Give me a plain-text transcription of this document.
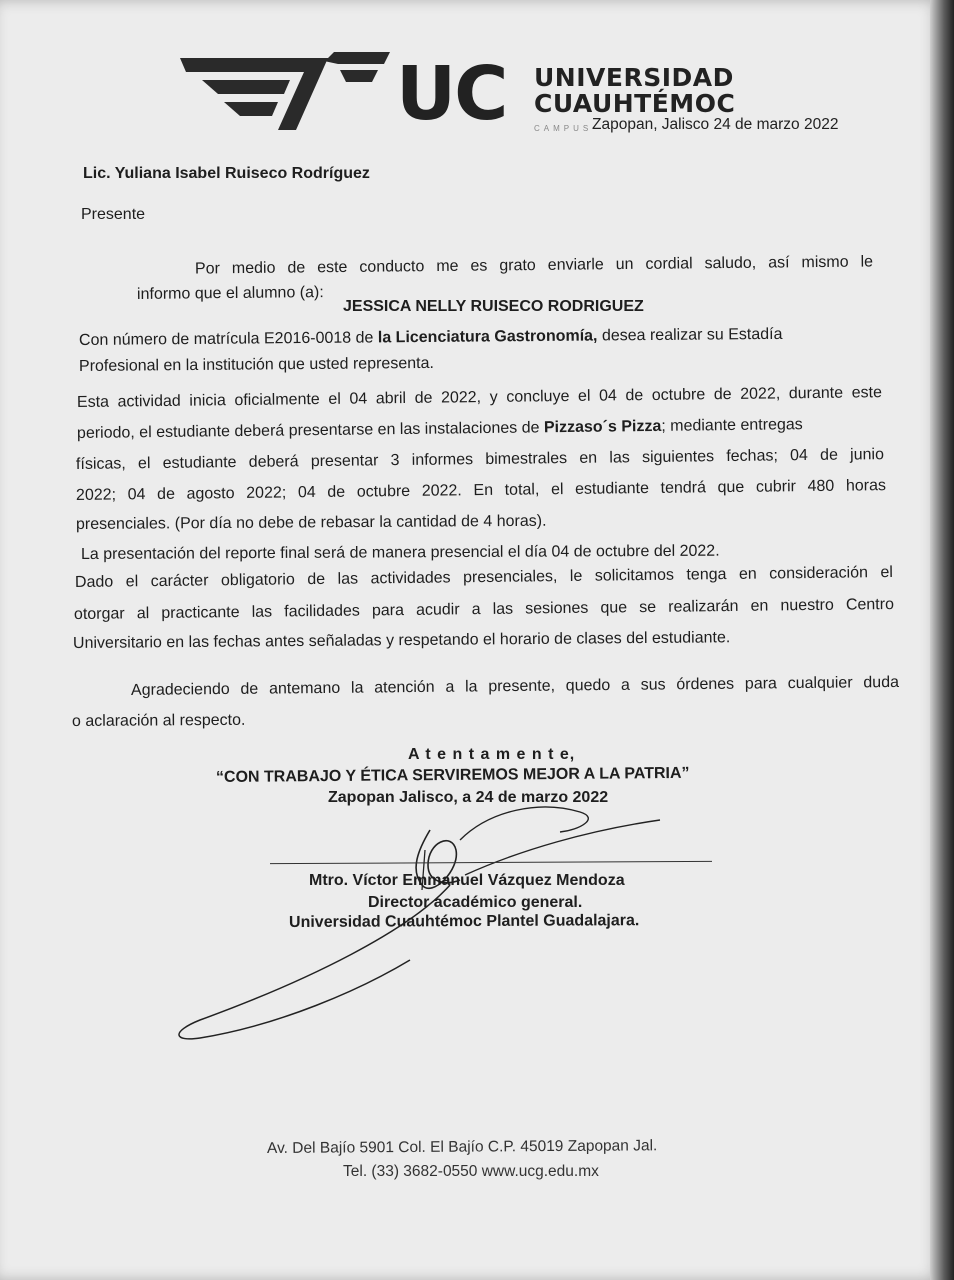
UC UNIVERSIDAD
CUAUHTÉMOC
CAMPUS Zapopan, Jalisco 24 de marzo 2022
Lic. Yuliana Isabel Ruiseco Rodríguez
Presente
Por medio de este conducto me es grato enviarle un cordial saludo, así mismo le
informo que el alumno (a):
JESSICA NELLY RUISECO RODRIGUEZ
Con número de matrícula E2016-0018 de la Licenciatura Gastronomía, desea realizar su Estadía
Profesional en la institución que usted representa.
Esta actividad inicia oficialmente el 04 abril de 2022, y concluye el 04 de octubre de 2022, durante este
periodo, el estudiante deberá presentarse en las instalaciones de Pizzaso´s Pizza; mediante entregas
físicas, el estudiante deberá presentar 3 informes bimestrales en las siguientes fechas; 04 de junio
2022; 04 de agosto 2022; 04 de octubre 2022. En total, el estudiante tendrá que cubrir 480 horas
presenciales. (Por día no debe de rebasar la cantidad de 4 horas).
La presentación del reporte final será de manera presencial el día 04 de octubre del 2022.
Dado el carácter obligatorio de las actividades presenciales, le solicitamos tenga en consideración el
otorgar al practicante las facilidades para acudir a las sesiones que se realizarán en nuestro Centro
Universitario en las fechas antes señaladas y respetando el horario de clases del estudiante.
Agradeciendo de antemano la atención a la presente, quedo a sus órdenes para cualquier duda
o aclaración al respecto.
A t e n t a m e n t e,
“CON TRABAJO Y ÉTICA SERVIREMOS MEJOR A LA PATRIA”
Zapopan Jalisco, a 24 de marzo 2022
Mtro. Víctor Emmanuel Vázquez Mendoza
Director académico general.
Universidad Cuauhtémoc Plantel Guadalajara.
Av. Del Bajío 5901 Col. El Bajío C.P. 45019 Zapopan Jal.
Tel. (33) 3682-0550 www.ucg.edu.mx
